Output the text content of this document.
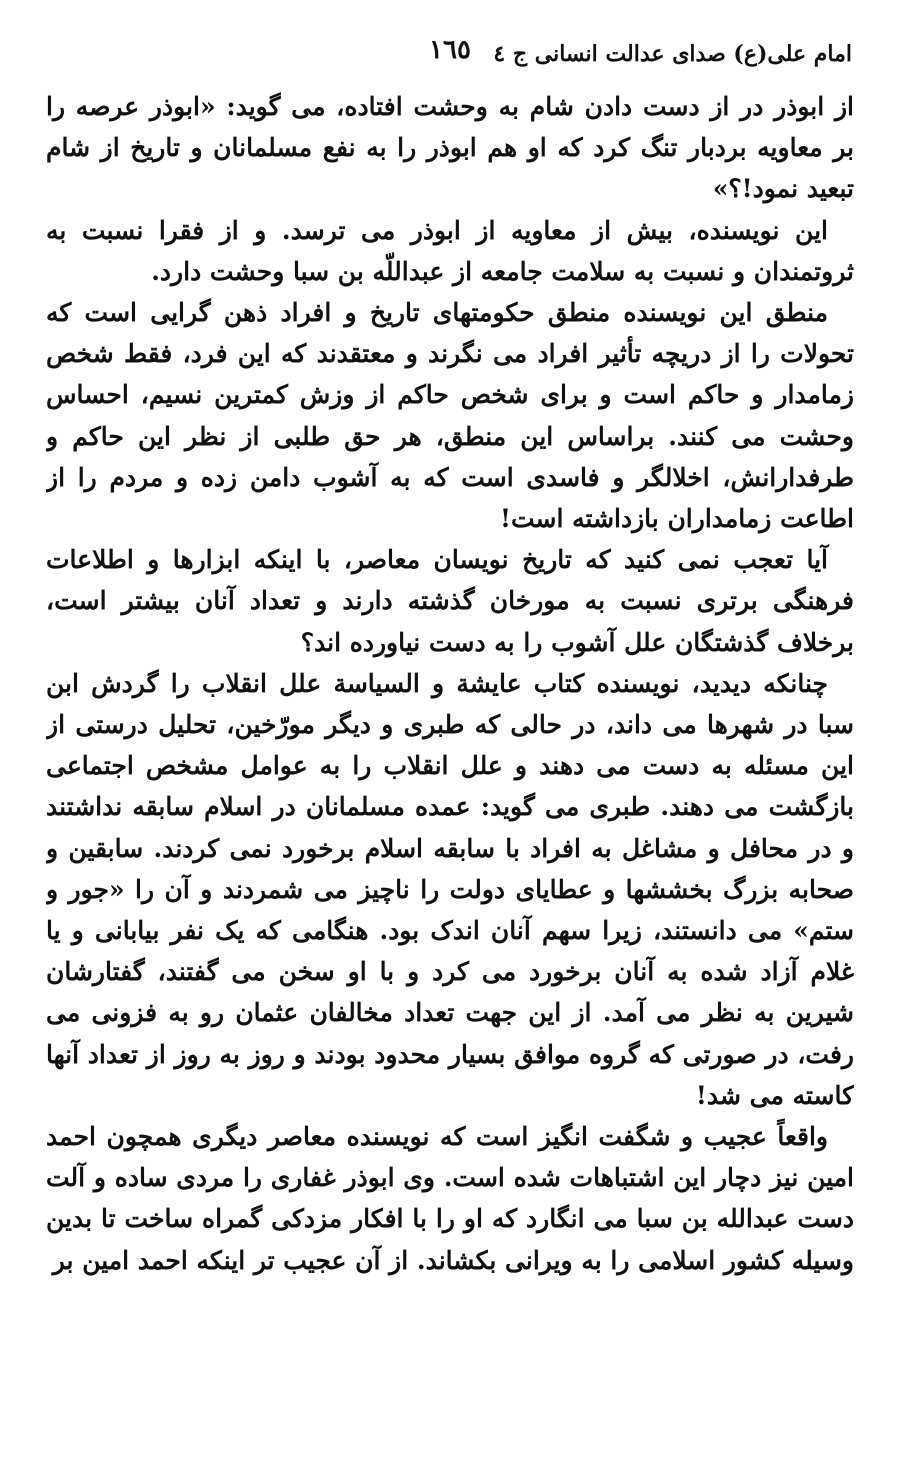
امام علی(ع) صدای عدالت انسانی ج ٤
١٦٥

از ابوذر در از دست دادن شام به وحشت افتاده، می گوید: «ابوذر عرصه را بر معاویه بردبار تنگ کرد که او هم ابوذر را به نفع مسلمانان و تاریخ از شام تبعید نمود!؟»

این نویسنده، بیش از معاویه از ابوذر می ترسد. و از فقرا نسبت به ثروتمندان و نسبت به سلامت جامعه از عبداللّه بن سبا وحشت دارد.

منطق این نویسنده منطق حکومتهای تاریخ و افراد ذهن گرایی است که تحولات را از دریچه تأثیر افراد می نگرند و معتقدند که این فرد، فقط شخص زمامدار و حاکم است و برای شخص حاکم از وزش کمترین نسیم، احساس وحشت می کنند. براساس این منطق، هر حق طلبی از نظر این حاکم و طرفدارانش، اخلالگر و فاسدی است که به آشوب دامن زده و مردم را از اطاعت زمامداران بازداشته است!

آیا تعجب نمی کنید که تاریخ نویسان معاصر، با اینکه ابزارها و اطلاعات فرهنگی برتری نسبت به مورخان گذشته دارند و تعداد آنان بیشتر است، برخلاف گذشتگان علل آشوب را به دست نیاورده اند؟

چنانکه دیدید، نویسنده کتاب عایشة و السیاسة علل انقلاب را گردش ابن سبا در شهرها می داند، در حالی که طبری و دیگر مورّخین، تحلیل درستی از این مسئله به دست می دهند و علل انقلاب را به عوامل مشخص اجتماعی بازگشت می دهند. طبری می گوید: عمده مسلمانان در اسلام سابقه نداشتند و در محافل و مشاغل به افراد با سابقه اسلام برخورد نمی کردند. سابقین و صحابه بزرگ بخششها و عطایای دولت را ناچیز می شمردند و آن را «جور و ستم» می دانستند، زیرا سهم آنان اندک بود. هنگامی که یک نفر بیابانی و یا غلام آزاد شده به آنان برخورد می کرد و با او سخن می گفتند، گفتارشان شیرین به نظر می آمد. از این جهت تعداد مخالفان عثمان رو به فزونی می رفت، در صورتی که گروه موافق بسیار محدود بودند و روز به روز از تعداد آنها کاسته می شد!

واقعاً عجیب و شگفت انگیز است که نویسنده معاصر دیگری همچون احمد امین نیز دچار این اشتباهات شده است. وی ابوذر غفاری را مردی ساده و آلت دست عبدالله بن سبا می انگارد که او را با افکار مزدکی گمراه ساخت تا بدین وسیله کشور اسلامی را به ویرانی بکشاند. از آن عجیب تر اینکه احمد امین بر
